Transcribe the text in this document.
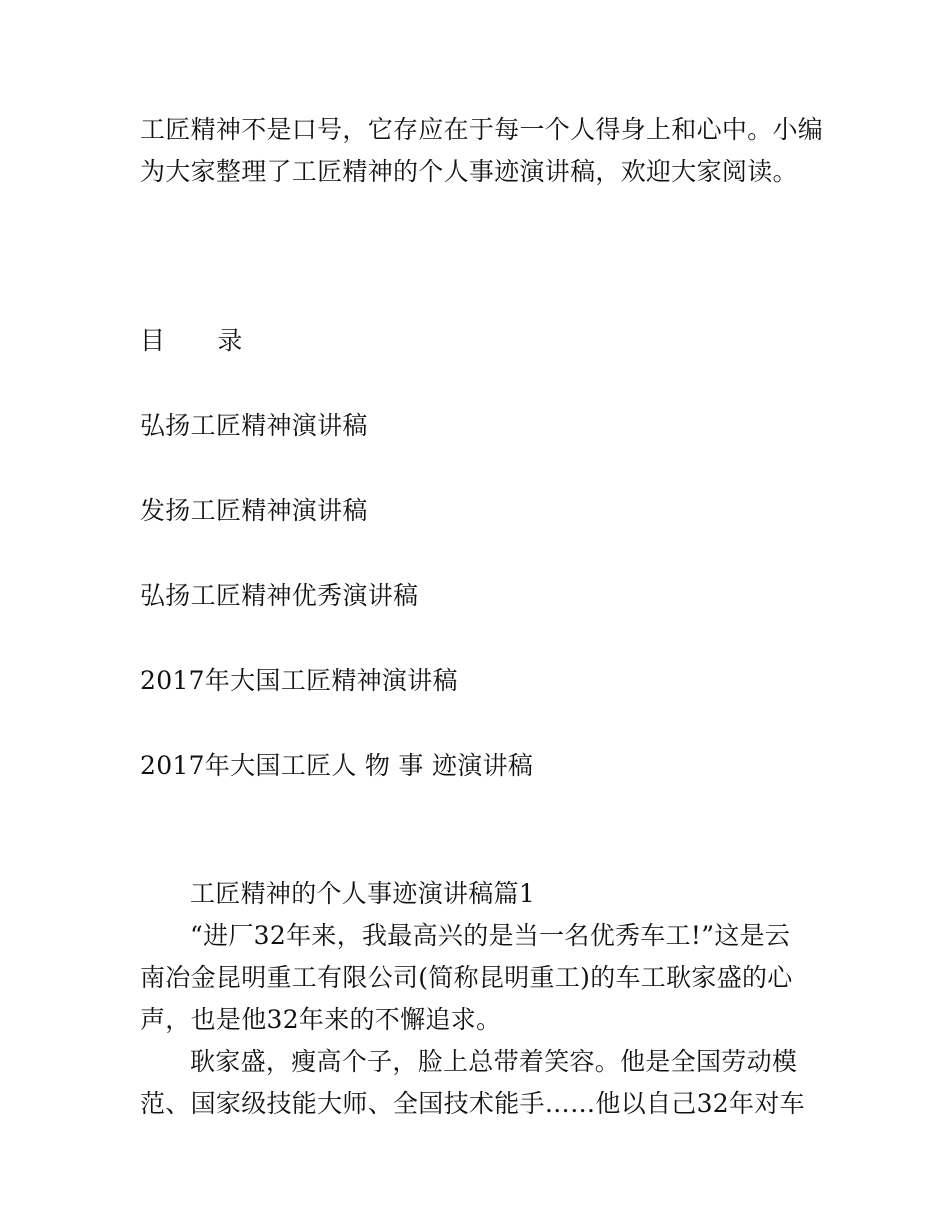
工匠精神不是口号，它存应在于每一个人得身上和心中。小编
为大家整理了工匠精神的个人事迹演讲稿，欢迎大家阅读。
目 录
弘扬工匠精神演讲稿
发扬工匠精神演讲稿
弘扬工匠精神优秀演讲稿
2017年大国工匠精神演讲稿
2017年大国工匠人 物 事 迹演讲稿
工匠精神的个人事迹演讲稿篇1
“进厂32年来，我最高兴的是当一名优秀车工!”这是云
南冶金昆明重工有限公司(简称昆明重工)的车工耿家盛的心
声，也是他32年来的不懈追求。
耿家盛，瘦高个子，脸上总带着笑容。他是全国劳动模
范、国家级技能大师、全国技术能手……他以自己32年对车
